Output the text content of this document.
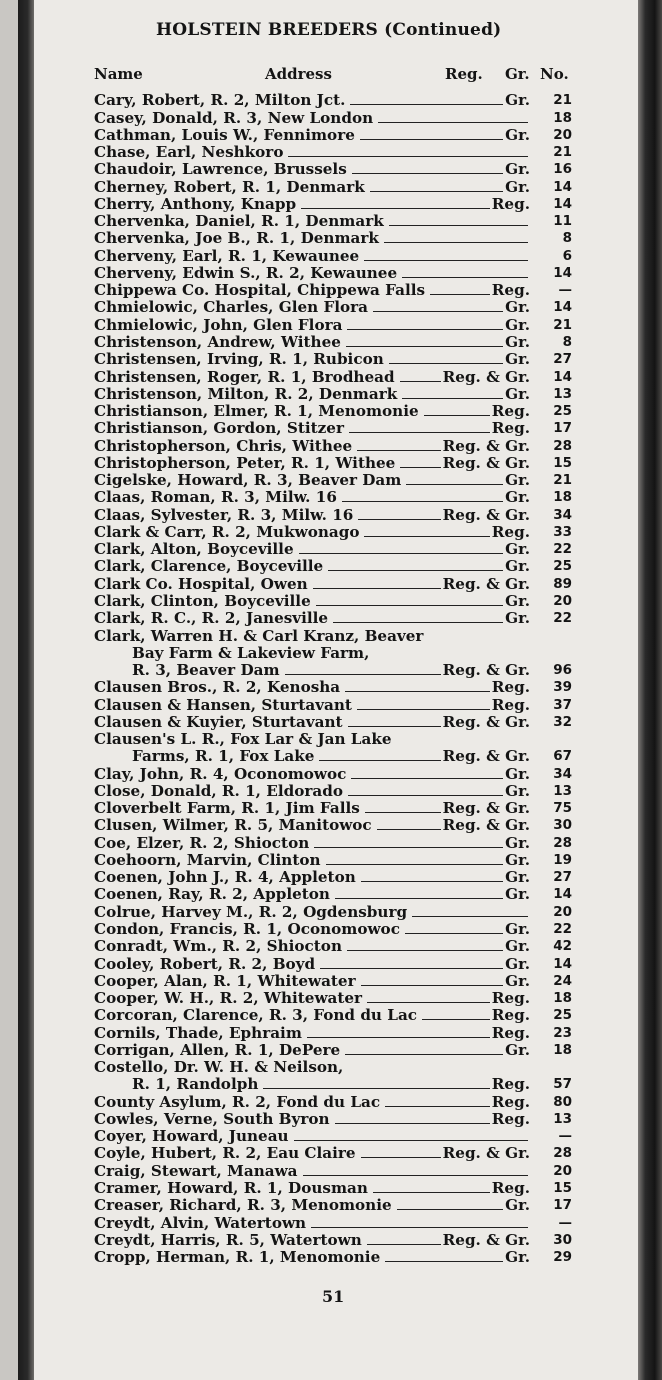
HOLSTEIN BREEDERS (Continued)
Name	Address	Reg. Gr. No.
Cary, Robert, R. 2, Milton Jct.	Gr.	21
Casey, Donald, R. 3, New London	18
Cathman, Louis W., Fennimore	Gr.	20
Chase, Earl, Neshkoro	21
Chaudoir, Lawrence, Brussels	Gr.	16
Cherney, Robert, R. 1, Denmark	Gr.	14
Cherry, Anthony, Knapp	Reg.	14
Chervenka, Daniel, R. 1, Denmark	11
Chervenka, Joe B., R. 1, Denmark	8
Cherveny, Earl, R. 1, Kewaunee	6
Cherveny, Edwin S., R. 2, Kewaunee	14
Chippewa Co. Hospital, Chippewa Falls	Reg.	—
Chmielowic, Charles, Glen Flora	Gr.	14
Chmielowic, John, Glen Flora	Gr.	21
Christenson, Andrew, Withee	Gr.	8
Christensen, Irving, R. 1, Rubicon	Gr.	27
Christensen, Roger, R. 1, Brodhead	Reg. & Gr.	14
Christenson, Milton, R. 2, Denmark	Gr.	13
Christianson, Elmer, R. 1, Menomonie	Reg.	25
Christianson, Gordon, Stitzer	Reg.	17
Christopherson, Chris, Withee	Reg. & Gr.	28
Christopherson, Peter, R. 1, Withee	Reg. & Gr.	15
Cigelske, Howard, R. 3, Beaver Dam	Gr.	21
Claas, Roman, R. 3, Milw. 16	Gr.	18
Claas, Sylvester, R. 3, Milw. 16	Reg. & Gr.	34
Clark & Carr, R. 2, Mukwonago	Reg.	33
Clark, Alton, Boyceville	Gr.	22
Clark, Clarence, Boyceville	Gr.	25
Clark Co. Hospital, Owen	Reg. & Gr.	89
Clark, Clinton, Boyceville	Gr.	20
Clark, R. C., R. 2, Janesville	Gr.	22
Clark, Warren H. & Carl Kranz, Beaver
Bay Farm & Lakeview Farm,
R. 3, Beaver Dam	Reg. & Gr.	96
Clausen Bros., R. 2, Kenosha	Reg.	39
Clausen & Hansen, Sturtavant	Reg.	37
Clausen & Kuyier, Sturtavant	Reg. & Gr.	32
Clausen's L. R., Fox Lar & Jan Lake
Farms, R. 1, Fox Lake	Reg. & Gr.	67
Clay, John, R. 4, Oconomowoc	Gr.	34
Close, Donald, R. 1, Eldorado	Gr.	13
Cloverbelt Farm, R. 1, Jim Falls	Reg. & Gr.	75
Clusen, Wilmer, R. 5, Manitowoc	Reg. & Gr.	30
Coe, Elzer, R. 2, Shiocton	Gr.	28
Coehoorn, Marvin, Clinton	Gr.	19
Coenen, John J., R. 4, Appleton	Gr.	27
Coenen, Ray, R. 2, Appleton	Gr.	14
Colrue, Harvey M., R. 2, Ogdensburg	20
Condon, Francis, R. 1, Oconomowoc	Gr.	22
Conradt, Wm., R. 2, Shiocton	Gr.	42
Cooley, Robert, R. 2, Boyd	Gr.	14
Cooper, Alan, R. 1, Whitewater	Gr.	24
Cooper, W. H., R. 2, Whitewater	Reg.	18
Corcoran, Clarence, R. 3, Fond du Lac	Reg.	25
Cornils, Thade, Ephraim	Reg.	23
Corrigan, Allen, R. 1, DePere	Gr.	18
Costello, Dr. W. H. & Neilson,
R. 1, Randolph	Reg.	57
County Asylum, R. 2, Fond du Lac	Reg.	80
Cowles, Verne, South Byron	Reg.	13
Coyer, Howard, Juneau	—
Coyle, Hubert, R. 2, Eau Claire	Reg. & Gr.	28
Craig, Stewart, Manawa	20
Cramer, Howard, R. 1, Dousman	Reg.	15
Creaser, Richard, R. 3, Menomonie	Gr.	17
Creydt, Alvin, Watertown	—
Creydt, Harris, R. 5, Watertown	Reg. & Gr.	30
Cropp, Herman, R. 1, Menomonie	Gr.	29
51
